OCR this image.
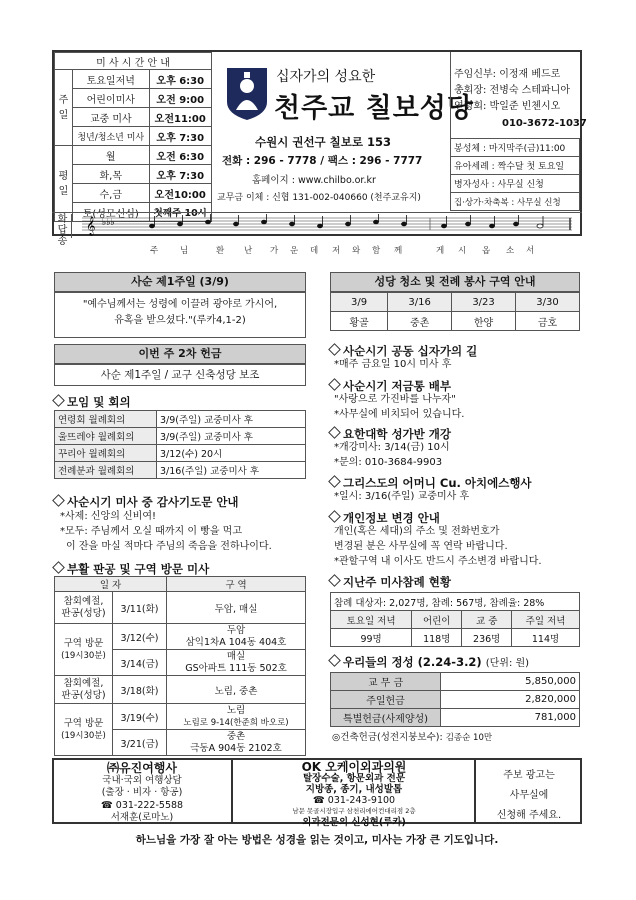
미 사 시 간 안 내		
주
일	토요일저녁	오후 6:30
	어린이미사	오전 9:00
	교중 미사	오전11:00
	청년/청소년 미사	오후 7:30
평
일	월	오전 6:30
	화,목	오후 7:30
	수,금	오전10:00
	토(성모신심)	첫째주 10시
십자가의 성요한
천주교 칠보성당
수원시 권선구 칠보로 153
전화 : 296 - 7778 / 팩스 : 296 - 7777
홈페이지 : www.chilbo.or.kr
교무금 이체 : 신협 131-002-040660 (천주교유지)
주임신부: 이정재 베드로
총회장: 전병숙 스테파니아
연령회: 박일준 빈첸시오
010-3672-1037
봉성체 : 마지막주(금)11:00
유아세례 : 짝수달 첫 토요일
병자성사 : 사무실 신청
집·상가·차축복 : 사무실 신청
화
답
송
𝄞 ♭♭♭
주	님	환 난 가 운 데 저 와 함 께	게 시 옵 소 서
사순 제1주일 (3/9)
"예수님께서는 성령에 이끌려 광야로 가시어,
유혹을 받으셨다."(루카4,1-2)
이번 주 2차 헌금
사순 제1주일 / 교구 신축성당 보조
모임 및 회의
연령회 월례회의	3/9(주일) 교중미사 후
울뜨레야 월례회의	3/9(주일) 교중미사 후
꾸리아 월례회의	3/12(수) 20시
전례분과 월례회의	3/16(주일) 교중미사 후
사순시기 미사 중 감사기도문 안내
*사제: 신앙의 신비여!
*모두: 주님께서 오실 때까지 이 빵을 먹고
이 잔을 마실 적마다 주님의 죽음을 전하나이다.
부활 판공 및 구역 방문 미사
일 자		구 역
참회예절,
판공(성당)	3/11(화)	두암, 매실
구역 방문
(19시30분)	3/12(수)	두암
삼익1차A 104동 404호
	3/14(금)	매실
GS아파트 111동 502호
참회예절,
판공(성당)	3/18(화)	노림, 중촌
구역 방문
(19시30분)	3/19(수)	노림
노림로 9-14(한준희 바오로)
	3/21(금)	중촌
극동A 904동 2102호
성당 청소 및 전례 봉사 구역 안내
3/9	3/16	3/23	3/30
황골	중촌	한양	금호
사순시기 공동 십자가의 길
*매주 금요일 10시 미사 후
사순시기 저금통 배부
"사랑으로 가진바를 나누자"
*사무실에 비치되어 있습니다.
요한대학 성가반 개강
*개강미사: 3/14(금) 10시
*문의: 010-3684-9903
그리스도의 어머니 Cu. 아치에스행사
*일시: 3/16(주일) 교중미사 후
개인정보 변경 안내
개인(혹은 세대)의 주소 및 전화번호가
변경된 분은 사무실에 꼭 연락 바랍니다.
*관할구역 내 이사도 반드시 주소변경 바랍니다.
지난주 미사참례 현황
참례 대상자: 2,027명, 참례: 567명, 참례율: 28%			
토요일 저녁	어린이	교 중	주일 저녁
99명	118명	236명	114명
우리들의 정성 (2.24-3.2) (단위: 원)
교 무 금	5,850,000
주일헌금	2,820,000
특별헌금(사제양성)	781,000
◎건축헌금(성전지붕보수): 김종순 10만
㈜유진여행사
국내·국외 여행상담
(출장 · 비자 · 항공)
☎ 031-222-5588
서재훈(로마노)
OK 오케이외과의원
탈장수술, 항문외과 전문
지방종, 종기, 내성발톱
☎ 031-243-9100
남문 못골시장입구 삼천리에어컨대리점 2층
외과전문의 신성현(루카)
주보 광고는
사무실에
신청해 주세요.
하느님을 가장 잘 아는 방법은 성경을 읽는 것이고, 미사는 가장 큰 기도입니다.
